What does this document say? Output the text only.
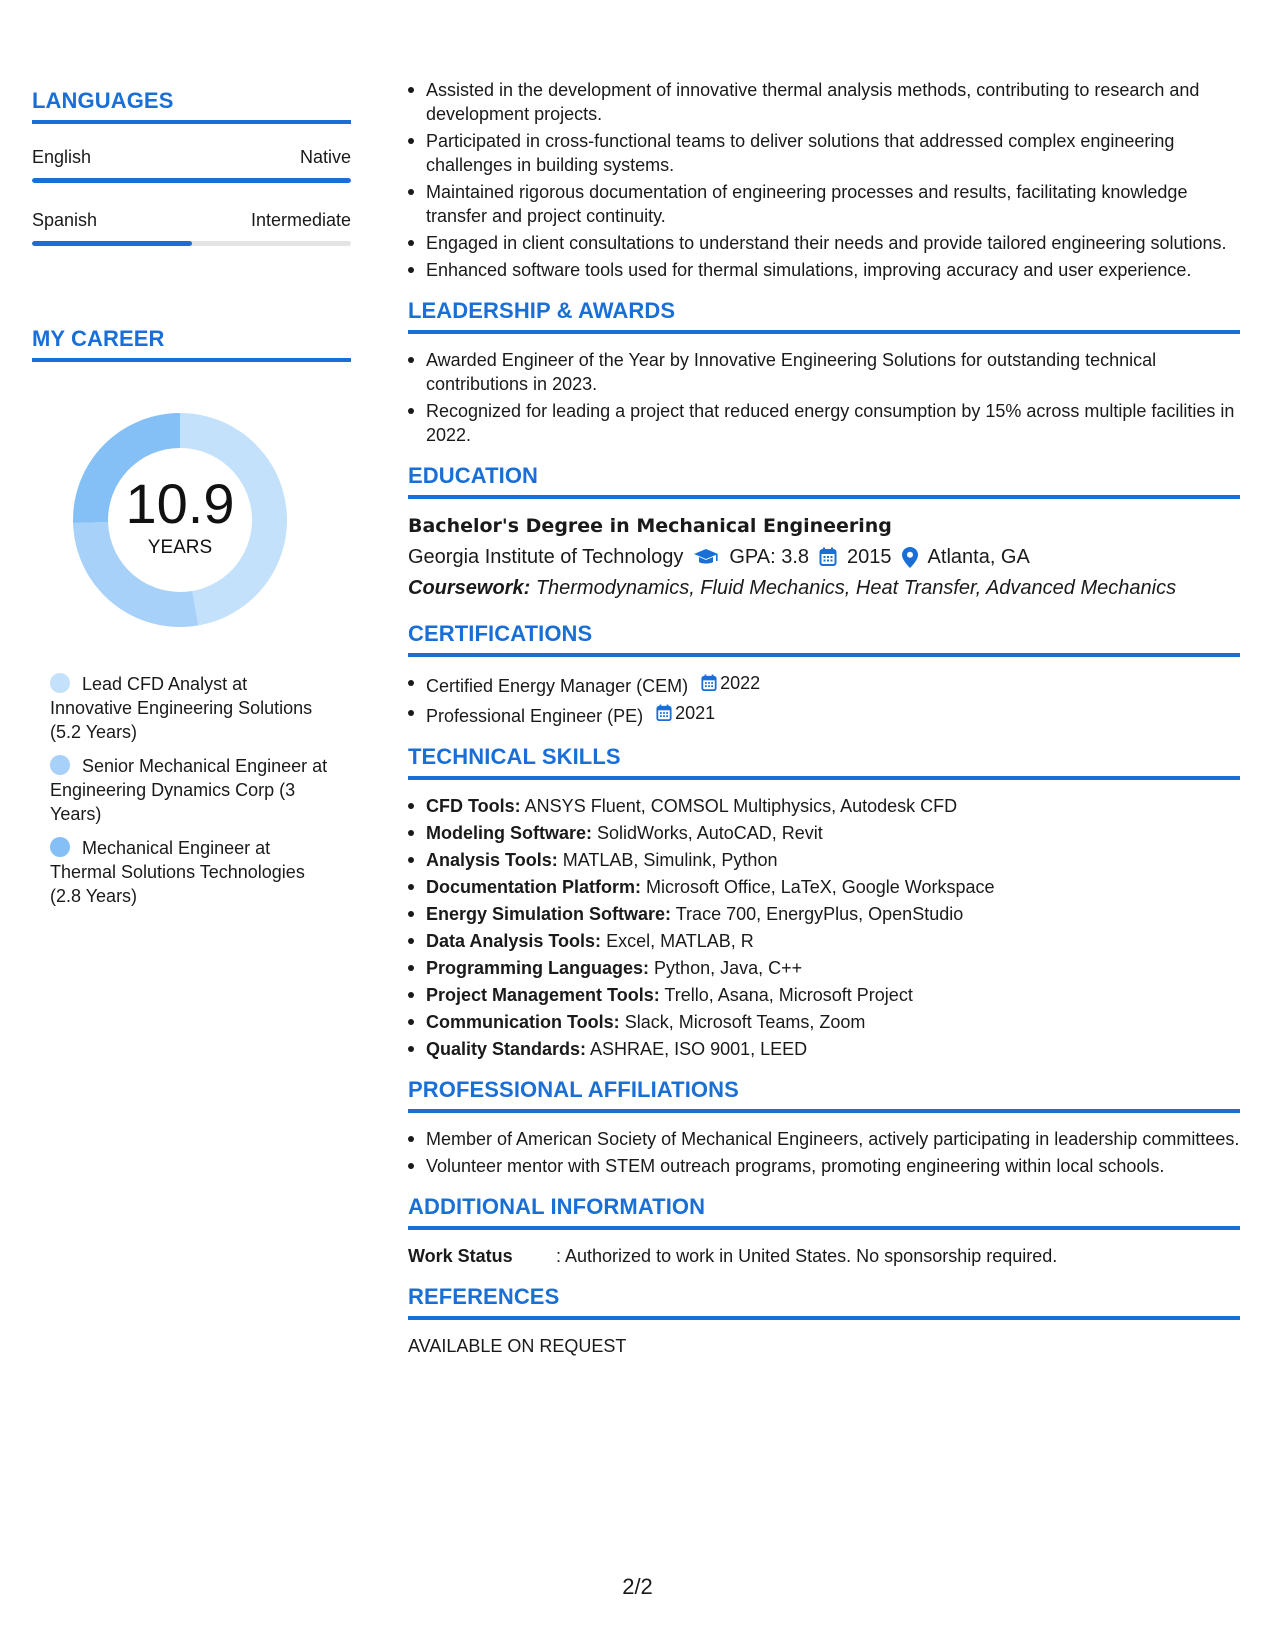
LANGUAGES
English	Native
Spanish	Intermediate
MY CAREER
10.9
YEARS
Lead CFD Analyst at Innovative Engineering Solutions (5.2 Years)
Senior Mechanical Engineer at Engineering Dynamics Corp (3 Years)
Mechanical Engineer at Thermal Solutions Technologies (2.8 Years)
Assisted in the development of innovative thermal analysis methods, contributing to research and development projects.
Participated in cross-functional teams to deliver solutions that addressed complex engineering challenges in building systems.
Maintained rigorous documentation of engineering processes and results, facilitating knowledge transfer and project continuity.
Engaged in client consultations to understand their needs and provide tailored engineering solutions.
Enhanced software tools used for thermal simulations, improving accuracy and user experience.
LEADERSHIP & AWARDS
Awarded Engineer of the Year by Innovative Engineering Solutions for outstanding technical contributions in 2023.
Recognized for leading a project that reduced energy consumption by 15% across multiple facilities in 2022.
EDUCATION
Bachelor's Degree in Mechanical Engineering
Georgia Institute of Technology GPA: 3.8 2015 Atlanta, GA
Coursework: Thermodynamics, Fluid Mechanics, Heat Transfer, Advanced Mechanics
CERTIFICATIONS
Certified Energy Manager (CEM) 2022
Professional Engineer (PE) 2021
TECHNICAL SKILLS
CFD Tools: ANSYS Fluent, COMSOL Multiphysics, Autodesk CFD
Modeling Software: SolidWorks, AutoCAD, Revit
Analysis Tools: MATLAB, Simulink, Python
Documentation Platform: Microsoft Office, LaTeX, Google Workspace
Energy Simulation Software: Trace 700, EnergyPlus, OpenStudio
Data Analysis Tools: Excel, MATLAB, R
Programming Languages: Python, Java, C++
Project Management Tools: Trello, Asana, Microsoft Project
Communication Tools: Slack, Microsoft Teams, Zoom
Quality Standards: ASHRAE, ISO 9001, LEED
PROFESSIONAL AFFILIATIONS
Member of American Society of Mechanical Engineers, actively participating in leadership committees.
Volunteer mentor with STEM outreach programs, promoting engineering within local schools.
ADDITIONAL INFORMATION
Work Status	: Authorized to work in United States. No sponsorship required.
REFERENCES
AVAILABLE ON REQUEST
2/2
